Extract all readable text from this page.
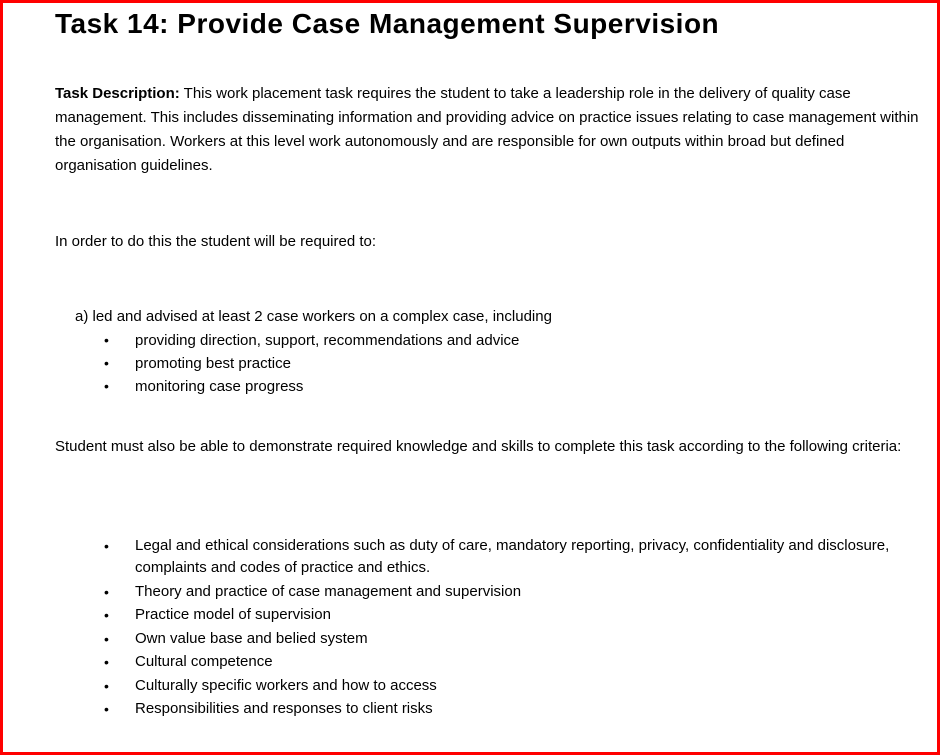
Task 14: Provide Case Management Supervision

Task Description: This work placement task requires the student to take a leadership role in the delivery of quality case management. This includes disseminating information and providing advice on practice issues relating to case management within the organisation. Workers at this level work autonomously and are responsible for own outputs within broad but defined organisation guidelines.

In order to do this the student will be required to:

a) led and advised at least 2 case workers on a complex case, including

• providing direction, support, recommendations and advice
• promoting best practice
• monitoring case progress

Student must also be able to demonstrate required knowledge and skills to complete this task according to the following criteria:

• Legal and ethical considerations such as duty of care, mandatory reporting, privacy, confidentiality and disclosure, complaints and codes of practice and ethics.
• Theory and practice of case management and supervision
• Practice model of supervision
• Own value base and belied system
• Cultural competence
• Culturally specific workers and how to access
• Responsibilities and responses to client risks
